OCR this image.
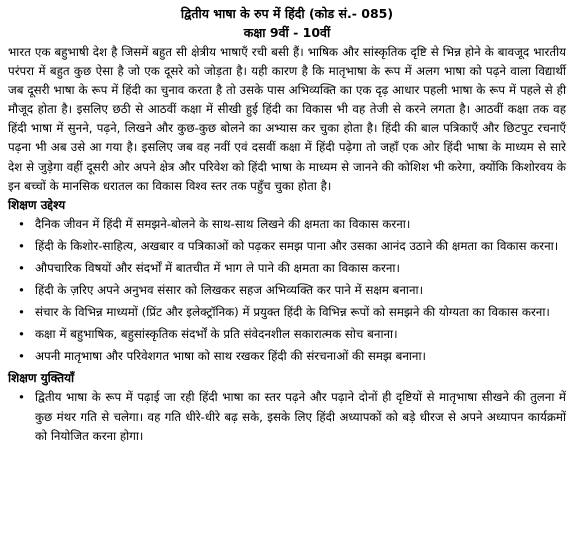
द्वितीय भाषा के रुप में हिंदी (कोड सं.- 085)

कक्षा 9वीं - 10वीं

भारत एक बहुभाषी देश है जिसमें बहुत सी क्षेत्रीय भाषाएँ रची बसी हैं। भाषिक और सांस्कृतिक दृष्टि से भिन्न होने के बावजूद भारतीय परंपरा में बहुत कुछ ऐसा है जो एक दूसरे को जोड़ता है। यही कारण है कि मातृभाषा के रूप में अलग भाषा को पढ़ने वाला विद्यार्थी जब दूसरी भाषा के रूप में हिंदी का चुनाव करता है तो उसके पास अभिव्यक्ति का एक दृढ़ आधार पहली भाषा के रूप में पहले से ही मौजूद होता है। इसलिए छठी से आठवीं कक्षा में सीखी हुई हिंदी का विकास भी वह तेजी से करने लगता है। आठवीं कक्षा तक वह हिंदी भाषा में सुनने, पढ़ने, लिखने और कुछ-कुछ बोलने का अभ्यास कर चुका होता है। हिंदी की बाल पत्रिकाएँ और छिटपुट रचनाएँ पढ़ना भी अब उसे आ गया है। इसलिए जब वह नवीं एवं दसवीं कक्षा में हिंदी पढ़ेगा तो जहाँ एक ओर हिंदी भाषा के माध्यम से सारे देश से जुड़ेगा वहीं दूसरी ओर अपने क्षेत्र और परिवेश को हिंदी भाषा के माध्यम से जानने की कोशिश भी करेगा, क्योंकि किशोरवय के इन बच्चों के मानसिक धरातल का विकास विश्व स्तर तक पहुँच चुका होता है।

शिक्षण उद्देश्य

• दैनिक जीवन में हिंदी में समझने-बोलने के साथ-साथ लिखने की क्षमता का विकास करना।
• हिंदी के किशोर-साहित्य, अखबार व पत्रिकाओं को पढ़कर समझ पाना और उसका आनंद उठाने की क्षमता का विकास करना।
• औपचारिक विषयों और संदर्भों में बातचीत में भाग ले पाने की क्षमता का विकास करना।
• हिंदी के ज़रिए अपने अनुभव संसार को लिखकर सहज अभिव्यक्ति कर पाने में सक्षम बनाना।
• संचार के विभिन्न माध्यमों (प्रिंट और इलेक्ट्रॉनिक) में प्रयुक्त हिंदी के विभिन्न रूपों को समझने की योग्यता का विकास करना।
• कक्षा में बहुभाषिक, बहुसांस्कृतिक संदर्भों के प्रति संवेदनशील सकारात्मक सोच बनाना।
• अपनी मातृभाषा और परिवेशगत भाषा को साथ रखकर हिंदी की संरचनाओं की समझ बनाना।

शिक्षण युक्तियाँ

• द्वितीय भाषा के रूप में पढ़ाई जा रही हिंदी भाषा का स्तर पढ़ने और पढ़ाने दोनों ही दृष्टियों से मातृभाषा सीखने की तुलना में कुछ मंथर गति से चलेगा। वह गति धीरे-धीरे बढ़ सके, इसके लिए हिंदी अध्यापकों को बड़े धीरज से अपने अध्यापन कार्यक्रमों को नियोजित करना होगा।
